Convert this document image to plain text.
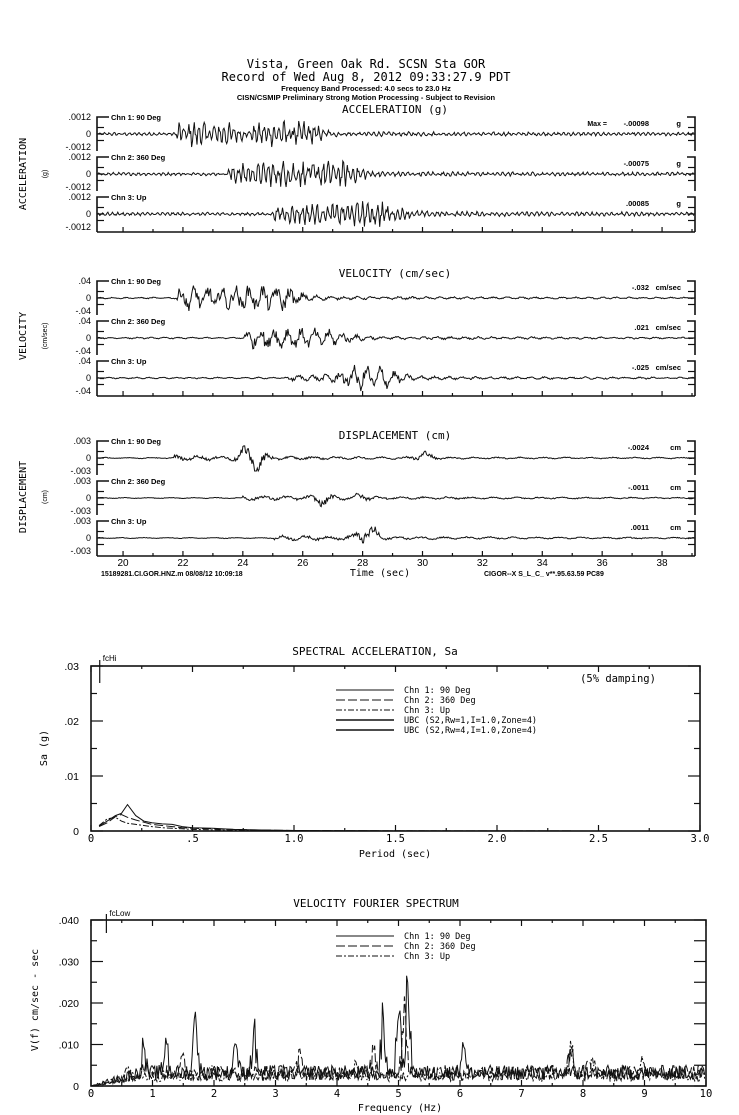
Vista, Green Oak Rd. SCSN Sta GOR
Record of Wed Aug 8, 2012 09:33:27.9 PDT
Frequency Band Processed: 4.0 secs to 23.0 Hz
CISN/CSMIP Preliminary Strong Motion Processing - Subject to Revision
ACCELERATION (g)
ACCELERATION (g)
Max =
.0012
0
-.0012
Chn 1: 90 Deg
-.00098	g
.0012
0
-.0012
Chn 2: 360 Deg
-.00075	g
.0012
0
-.0012
Chn 3: Up
.00085	g
VELOCITY (cm/sec)
VELOCITY (cm/sec)
.04
0
-.04
Chn 1: 90 Deg
-.032 cm/sec
.04
0
-.04
Chn 2: 360 Deg
.021 cm/sec
.04
0
-.04
Chn 3: Up
-.025 cm/sec
DISPLACEMENT (cm)
DISPLACEMENT (cm)
Time (sec)
15189281.CI.GOR.HNZ.m 08/08/12 10:09:18	CIGOR--X S_L_C_ v**.95.63.59 PC89
.003
0
-.003
Chn 1: 90 Deg
-.0024	cm
.003
0
-.003
Chn 2: 360 Deg
-.0011	cm
.003
0
-.003
Chn 3: Up
.0011	cm
20	22	24	26	28	30	32	34	36	38
SPECTRAL ACCELERATION, Sa
Sa (g)
Period (sec)
(5% damping)
0	.5	1.0	1.5	2.0	2.5	3.0
0
.01
.02
.03
fcHi
Chn 1: 90 Deg
Chn 2: 360 Deg
Chn 3: Up
UBC (S2,Rw=1,I=1.0,Zone=4)
UBC (S2,Rw=4,I=1.0,Zone=4)
VELOCITY FOURIER SPECTRUM
V(f) cm/sec - sec
Frequency (Hz)
0	1	2	3	4	5	6	7	8	9	10
0
.010
.020
.030
.040
fcLow
Chn 1: 90 Deg
Chn 2: 360 Deg
Chn 3: Up
